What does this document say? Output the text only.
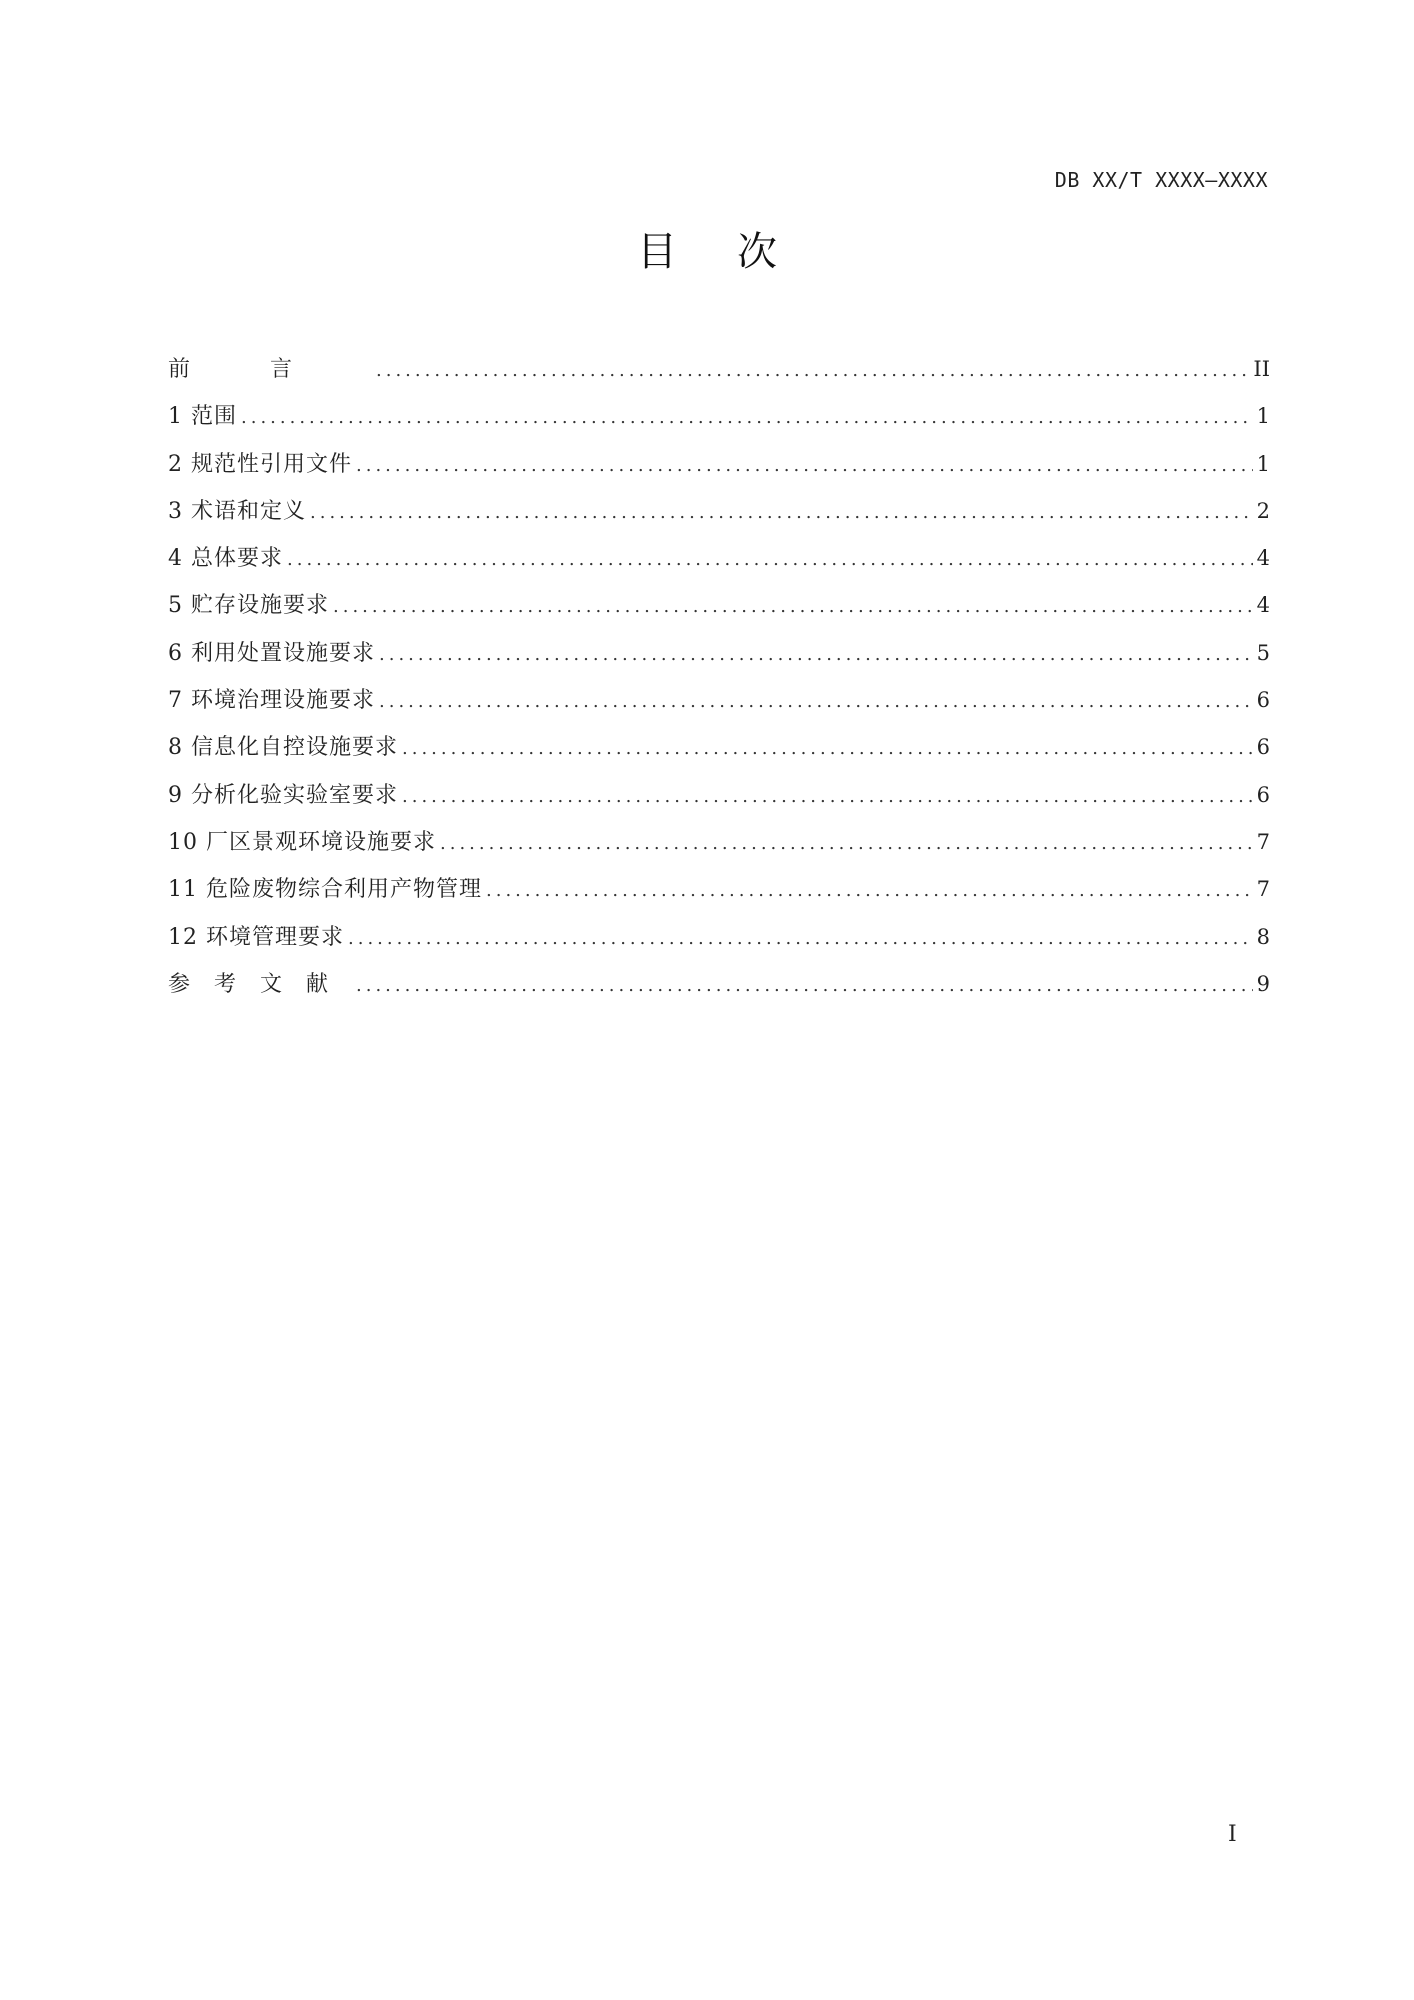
DB XX/T XXXX—XXXX
目次
前言 .....	II
1 范围 .....	1
2 规范性引用文件 .....	1
3 术语和定义 .....	2
4 总体要求 .....	4
5 贮存设施要求 .....	4
6 利用处置设施要求 .....	5
7 环境治理设施要求 .....	6
8 信息化自控设施要求 .....	6
9 分析化验实验室要求 .....	6
10 厂区景观环境设施要求 .....	7
11 危险废物综合利用产物管理 .....	7
12 环境管理要求 .....	8
参考文献 .....	9
I
